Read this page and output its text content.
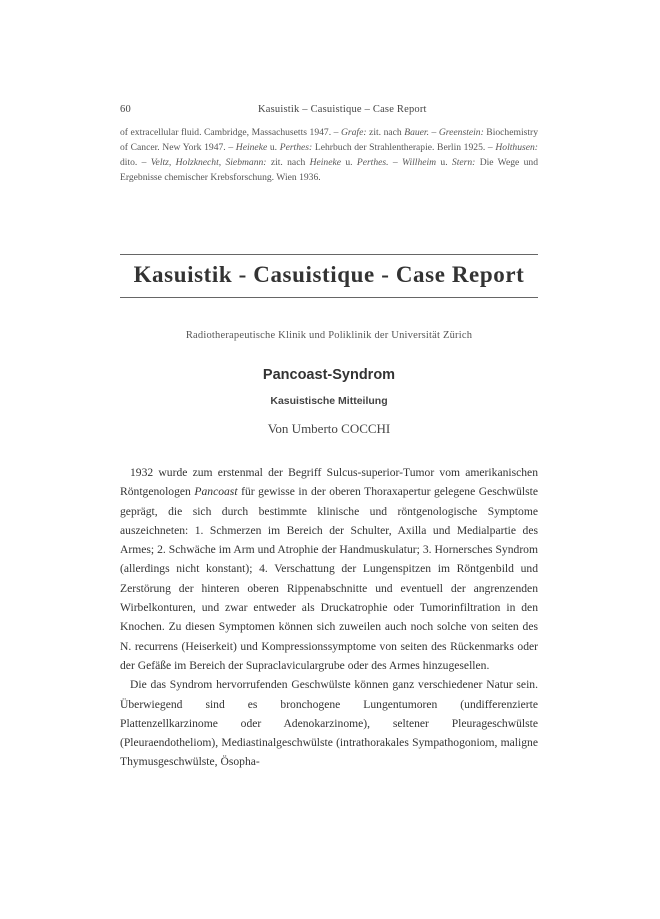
60	Kasuistik – Casuistique – Case Report
of extracellular fluid. Cambridge, Massachusetts 1947. – Grafe: zit. nach Bauer. – Greenstein: Biochemistry of Cancer. New York 1947. – Heineke u. Perthes: Lehrbuch der Strahlentherapie. Berlin 1925. – Holthusen: dito. – Veltz, Holzknecht, Siebmann: zit. nach Heineke u. Perthes. – Willheim u. Stern: Die Wege und Ergebnisse chemischer Krebsforschung. Wien 1936.
Kasuistik - Casuistique - Case Report
Radiotherapeutische Klinik und Poliklinik der Universität Zürich
Pancoast-Syndrom
Kasuistische Mitteilung
Von Umberto COCCHI

1932 wurde zum erstenmal der Begriff Sulcus-superior-Tumor vom amerikanischen Röntgenologen Pancoast für gewisse in der oberen Thoraxapertur gelegene Geschwülste geprägt, die sich durch bestimmte klinische und röntgenologische Symptome auszeichneten: 1. Schmerzen im Bereich der Schulter, Axilla und Medialpartie des Armes; 2. Schwäche im Arm und Atrophie der Handmuskulatur; 3. Hornersches Syndrom (allerdings nicht konstant); 4. Verschattung der Lungenspitzen im Röntgenbild und Zerstörung der hinteren oberen Rippenabschnitte und eventuell der angrenzenden Wirbelkonturen, und zwar entweder als Druckatrophie oder Tumorinfiltration in den Knochen. Zu diesen Symptomen können sich zuweilen auch noch solche von seiten des N. recurrens (Heiserkeit) und Kompressionssymptome von seiten des Rückenmarks oder der Gefäße im Bereich der Supraclaviculargrube oder des Armes hinzugesellen.

Die das Syndrom hervorrufenden Geschwülste können ganz verschiedener Natur sein. Überwiegend sind es bronchogene Lungentumoren (undifferenzierte Plattenzellkarzinome oder Adenokarzinome), seltener Pleurageschwülste (Pleuraendotheliom), Mediastinalgeschwülste (intrathorakales Sympathogoniom, maligne Thymusgeschwülste, Ösopha-
